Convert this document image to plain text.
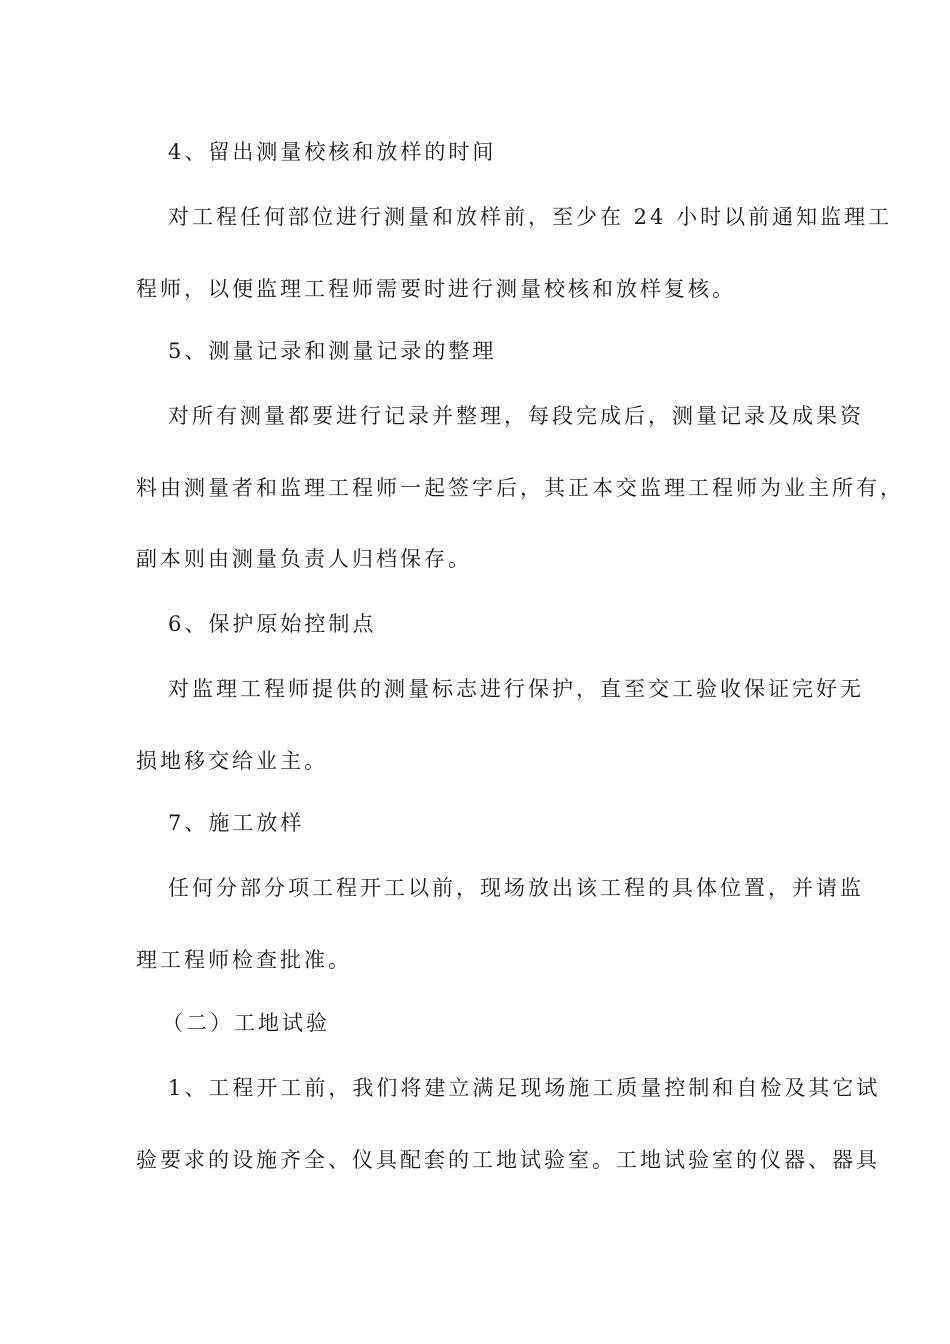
4、留出测量校核和放样的时间
对工程任何部位进行测量和放样前，至少在 24 小时以前通知监理工
程师，以便监理工程师需要时进行测量校核和放样复核。
5、测量记录和测量记录的整理
对所有测量都要进行记录并整理，每段完成后，测量记录及成果资
料由测量者和监理工程师一起签字后，其正本交监理工程师为业主所有，
副本则由测量负责人归档保存。
6、保护原始控制点
对监理工程师提供的测量标志进行保护，直至交工验收保证完好无
损地移交给业主。
7、施工放样
任何分部分项工程开工以前，现场放出该工程的具体位置，并请监
理工程师检查批准。
（二）工地试验
1、工程开工前，我们将建立满足现场施工质量控制和自检及其它试
验要求的设施齐全、仪具配套的工地试验室。工地试验室的仪器、器具
